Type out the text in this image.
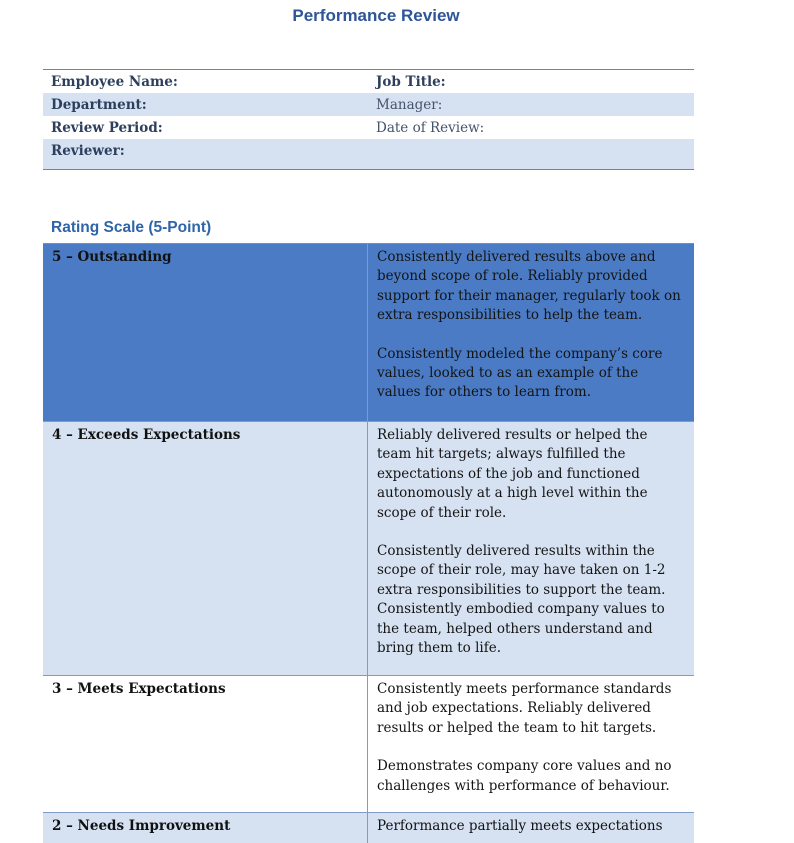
Performance Review
Employee Name:	Job Title:
Department:	Manager:
Review Period:	Date of Review:
Reviewer:
Rating Scale (5-Point)
5 – Outstanding	Consistently delivered results above and beyond scope of role. Reliably provided support for their manager, regularly took on extra responsibilities to help the team.

Consistently modeled the company’s core values, looked to as an example of the values for others to learn from.

4 – Exceeds Expectations	Reliably delivered results or helped the team hit targets; always fulfilled the expectations of the job and functioned autonomously at a high level within the scope of their role.

Consistently delivered results within the scope of their role, may have taken on 1-2 extra responsibilities to support the team. Consistently embodied company values to the team, helped others understand and bring them to life.

3 – Meets Expectations	Consistently meets performance standards and job expectations. Reliably delivered results or helped the team to hit targets.

Demonstrates company core values and no challenges with performance of behaviour.

2 – Needs Improvement	Performance partially meets expectations
